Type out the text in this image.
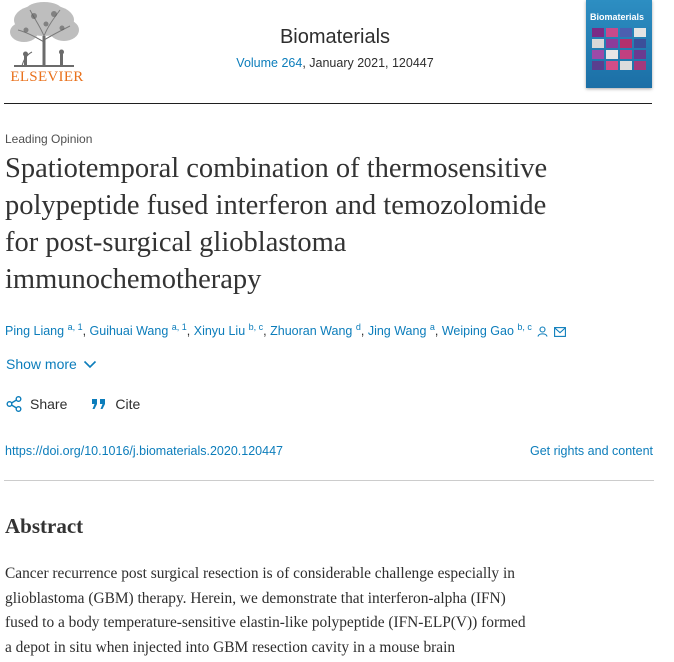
ELSEVIER
Biomaterials
Volume 264, January 2021, 120447
Biomaterials
Leading Opinion
Spatiotemporal combination of thermosensitive
polypeptide fused interferon and temozolomide
for post-surgical glioblastoma
immunochemotherapy
Ping Liang $^{a, 1}$, Guihuai Wang $^{a, 1}$, Xinyu Liu $^{b, c}$, Zhuoran Wang $^d$, Jing Wang $^a$, Weiping Gao $^{b, c}$
Show more
Share	Cite
https://doi.org/10.1016/j.biomaterials.2020.120447	Get rights and content
Abstract
Cancer recurrence post surgical resection is of considerable challenge especially in
glioblastoma (GBM) therapy. Herein, we demonstrate that interferon-alpha (IFN)
fused to a body temperature-sensitive elastin-like polypeptide (IFN-ELP(V)) formed
a depot in situ when injected into GBM resection cavity in a mouse brain
